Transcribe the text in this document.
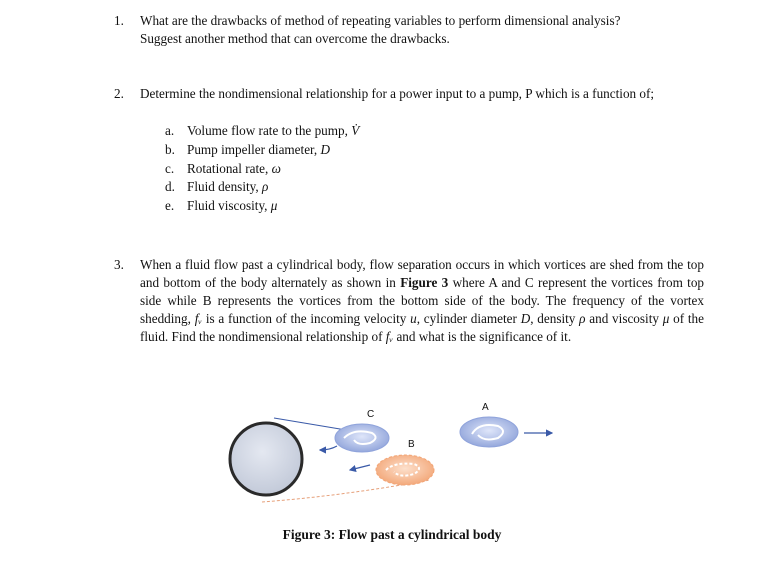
1. What are the drawbacks of method of repeating variables to perform dimensional analysis?
Suggest another method that can overcome the drawbacks.
2. Determine the nondimensional relationship for a power input to a pump, P which is a function of;
a. Volume flow rate to the pump, V̇
b. Pump impeller diameter, D
c. Rotational rate, ω
d. Fluid density, ρ
e. Fluid viscosity, μ
3. When a fluid flow past a cylindrical body, flow separation occurs in which vortices are shed from the top and bottom of the body alternately as shown in Figure 3 where A and C represent the vortices from top side while B represents the vortices from the bottom side of the body. The frequency of the vortex shedding, fᵥ is a function of the incoming velocity u, cylinder diameter D, density ρ and viscosity μ of the fluid. Find the nondimensional relationship of fᵥ and what is the significance of it.
C
B
A
Figure 3: Flow past a cylindrical body
